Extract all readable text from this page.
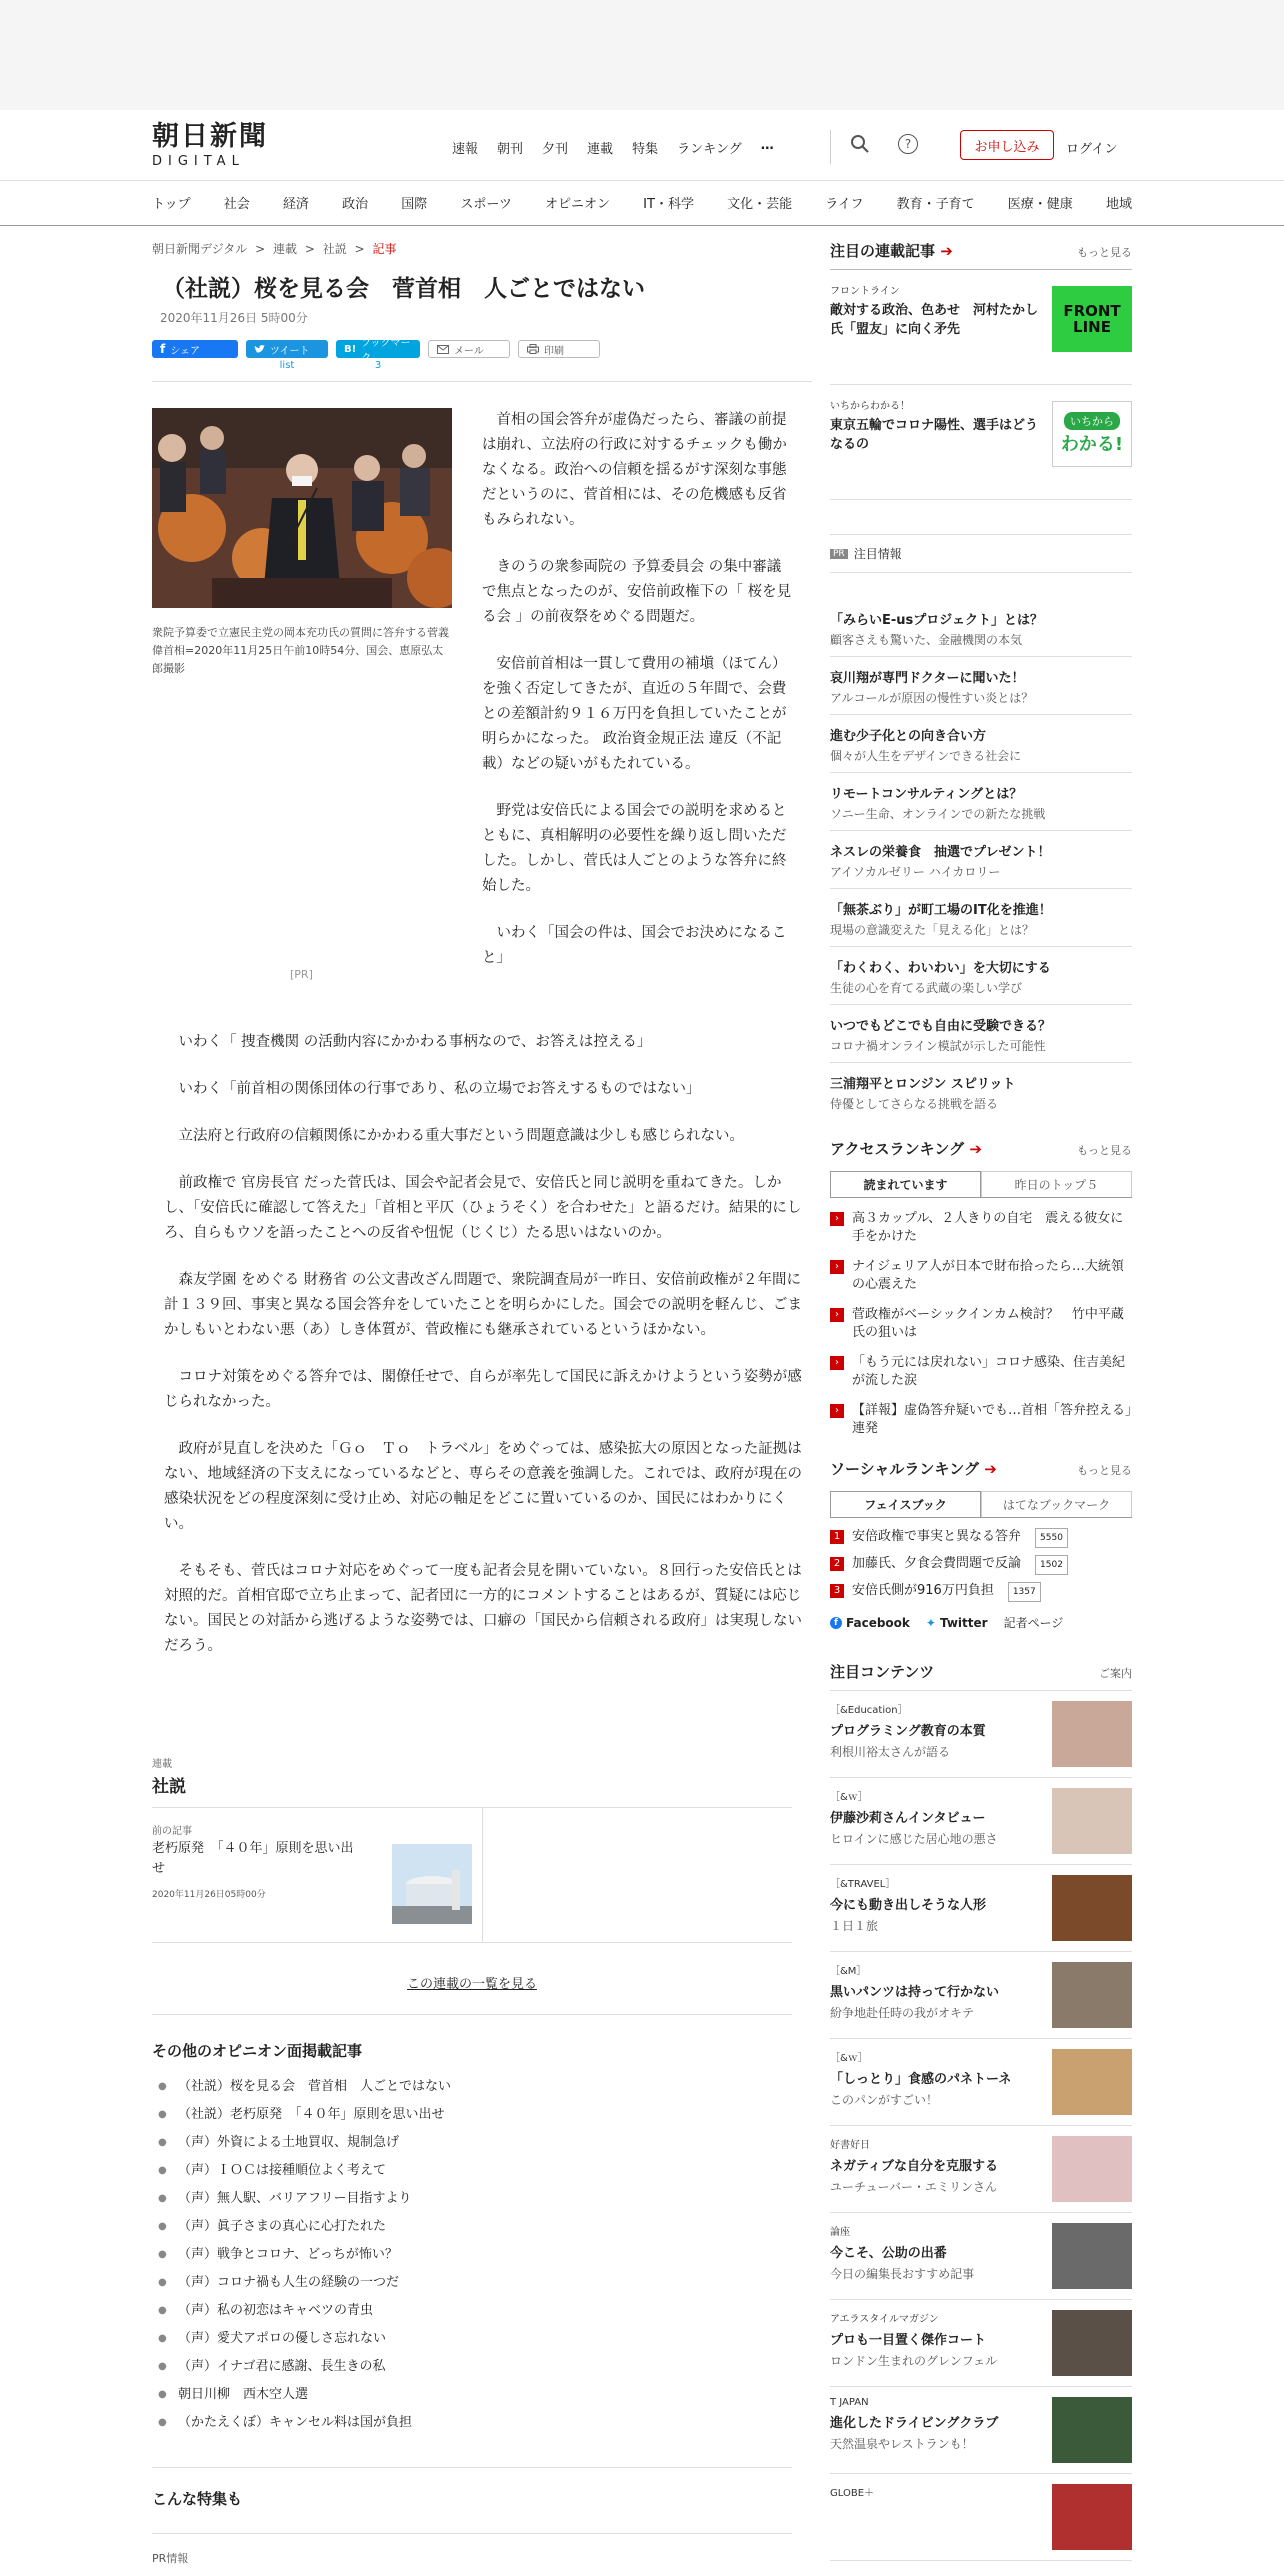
朝日新聞
DIGITAL
速報 朝刊 夕刊 連載 特集 ランキング …	?	お申し込み	ログイン
トップ	社会	経済	政治	国際	スポーツ	オピニオン	IT・科学	文化・芸能	ライフ	教育・子育て	医療・健康	地域
朝日新聞デジタル > 連載 > 社説 > 記事
（社説）桜を見る会　菅首相　人ごとではない
2020年11月26日 5時00分
f シェア	ツイート
list
B! ブックマーク
3
メール	印刷
衆院予算委で立憲民主党の岡本充功氏の質問に答弁する菅義偉首相=2020年11月25日午前10時54分、国会、恵原弘太郎撮影
[PR]

首相の国会答弁が虚偽だったら、審議の前提は崩れ、立法府の行政に対するチェックも働かなくなる。政治への信頼を揺るがす深刻な事態だというのに、菅首相には、その危機感も反省もみられない。

きのうの衆参両院の 予算委員会 の集中審議で焦点となったのが、安倍前政権下の「 桜を見る会 」の前夜祭をめぐる問題だ。

安倍前首相は一貫して費用の補塡（ほてん）を強く否定してきたが、直近の５年間で、会費との差額計約９１６万円を負担していたことが明らかになった。 政治資金規正法 違反（不記載）などの疑いがもたれている。

野党は安倍氏による国会での説明を求めるとともに、真相解明の必要性を繰り返し問いただした。しかし、菅氏は人ごとのような答弁に終始した。

いわく「国会の件は、国会でお決めになること」

いわく「 捜査機関 の活動内容にかかわる事柄なので、お答えは控える」

いわく「前首相の関係団体の行事であり、私の立場でお答えするものではない」

立法府と行政府の信頼関係にかかわる重大事だという問題意識は少しも感じられない。

前政権で 官房長官 だった菅氏は、国会や記者会見で、安倍氏と同じ説明を重ねてきた。しかし、「安倍氏に確認して答えた」「首相と平仄（ひょうそく）を合わせた」と語るだけ。結果的にしろ、自らもウソを語ったことへの反省や忸怩（じくじ）たる思いはないのか。

森友学園 をめぐる 財務省 の公文書改ざん問題で、衆院調査局が一昨日、安倍前政権が２年間に計１３９回、事実と異なる国会答弁をしていたことを明らかにした。国会での説明を軽んじ、ごまかしもいとわない悪（あ）しき体質が、菅政権にも継承されているというほかない。

コロナ対策をめぐる答弁では、閣僚任せで、自らが率先して国民に訴えかけようという姿勢が感じられなかった。

政府が見直しを決めた「Ｇｏ　Ｔｏ　トラベル」をめぐっては、感染拡大の原因となった証拠はない、地域経済の下支えになっているなどと、専らその意義を強調した。これでは、政府が現在の感染状況をどの程度深刻に受け止め、対応の軸足をどこに置いているのか、国民にはわかりにくい。

そもそも、菅氏はコロナ対応をめぐって一度も記者会見を開いていない。８回行った安倍氏とは対照的だ。首相官邸で立ち止まって、記者団に一方的にコメントすることはあるが、質疑には応じない。国民との対話から逃げるような姿勢では、口癖の「国民から信頼される政府」は実現しないだろう。

連載
社説
前の記事
老朽原発　「４０年」原則を思い出せ
2020年11月26日05時00分
この連載の一覧を見る
その他のオピニオン面掲載記事
● （社説）桜を見る会　菅首相　人ごとではない
● （社説）老朽原発　「４０年」原則を思い出せ
● （声）外資による土地買収、規制急げ
● （声）ＩＯＣは接種順位よく考えて
● （声）無人駅、バリアフリー目指すより
● （声）眞子さまの真心に心打たれた
● （声）戦争とコロナ、どっちが怖い？
● （声）コロナ禍も人生の経験の一つだ
● （声）私の初恋はキャベツの青虫
● （声）愛犬アポロの優しさ忘れない
● （声）イナゴ君に感謝、長生きの私
● 朝日川柳　西木空人選
● （かたえくぼ）キャンセル料は国が負担
こんな特集も
PR情報
注目の連載記事 ➔	もっと見る
フロントライン
敵対する政治、色あせ　河村たかし氏「盟友」に向く矛先
FRONT
LINE
いちからわかる！
東京五輪でコロナ陽性、選手はどうなるの
いちから
わかる!
PR 注目情報
「みらいE-usプロジェクト」とは？
顧客さえも驚いた、金融機関の本気
哀川翔が専門ドクターに聞いた！
アルコールが原因の慢性すい炎とは？
進む少子化との向き合い方
個々が人生をデザインできる社会に
リモートコンサルティングとは？
ソニー生命、オンラインでの新たな挑戦
ネスレの栄養食　抽選でプレゼント！
アイソカルゼリー ハイカロリー
「無茶ぶり」が町工場のIT化を推進！
現場の意識変えた「見える化」とは？
「わくわく、わいわい」を大切にする
生徒の心を育てる武蔵の楽しい学び
いつでもどこでも自由に受験できる？
コロナ禍オンライン模試が示した可能性
三浦翔平とロンジン スピリット
侍優としてさらなる挑戦を語る
アクセスランキング ➔	もっと見る
読まれています	昨日のトップ５
›	高３カップル、２人きりの自宅　震える彼女に手をかけた
›	ナイジェリア人が日本で財布拾ったら…大統領の心震えた
›	菅政権がベーシックインカム検討？　竹中平蔵氏の狙いは
›	「もう元には戻れない」コロナ感染、住吉美紀が流した涙
›	【詳報】虚偽答弁疑いでも…首相「答弁控える」連発
ソーシャルランキング ➔	もっと見る
フェイスブック	はてなブックマーク
1 安倍政権で事実と異なる答弁	5550
2 加藤氏、夕食会費問題で反論	1502
3 安倍氏側が916万円負担	1357
f Facebook ✦ Twitter 記者ページ
注目コンテンツ	ご案内
［&Education］
プログラミング教育の本質
利根川裕太さんが語る
［&ｗ］
伊藤沙莉さんインタビュー
ヒロインに感じた居心地の悪さ
［&TRAVEL］
今にも動き出しそうな人形
１日１旅
［&M］
黒いパンツは持って行かない
紛争地赴任時の我がオキテ
［&ｗ］
「しっとり」食感のパネトーネ
このパンがすごい！
好書好日
ネガティブな自分を克服する
ユーチューバー・エミリンさん
論座
今こそ、公助の出番
今日の編集長おすすめ記事
アエラスタイルマガジン
プロも一目置く傑作コート
ロンドン生まれのグレンフェル
T JAPAN
進化したドライビングクラブ
天然温泉やレストランも！
GLOBE＋
